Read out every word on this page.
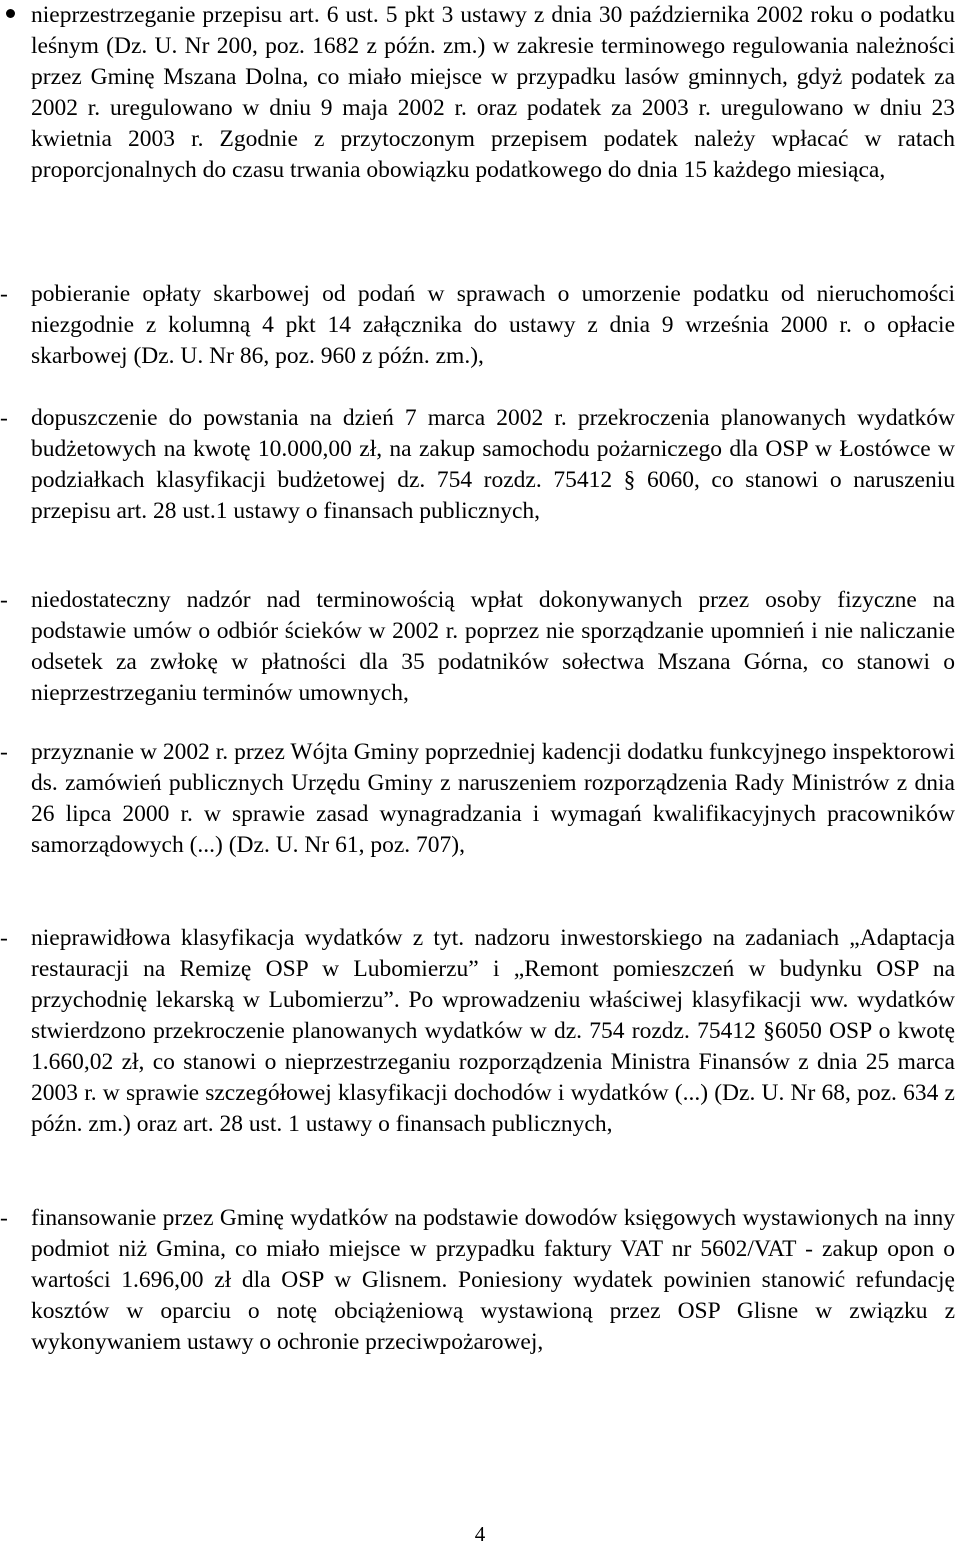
nieprzestrzeganie przepisu art. 6 ust. 5 pkt 3 ustawy z dnia 30 października 2002 roku o podatku leśnym (Dz. U. Nr 200, poz. 1682 z późn. zm.) w zakresie terminowego regulowania należności przez Gminę Mszana Dolna, co miało miejsce w przypadku lasów gminnych, gdyż podatek za 2002 r. uregulowano w dniu 9 maja 2002 r. oraz podatek za 2003 r. uregulowano w dniu 23 kwietnia 2003 r. Zgodnie z przytoczonym przepisem podatek należy wpłacać w ratach proporcjonalnych do czasu trwania obowiązku podatkowego do dnia 15 każdego miesiąca,

- pobieranie opłaty skarbowej od podań w sprawach o umorzenie podatku od nieruchomości niezgodnie z kolumną 4 pkt 14 załącznika do ustawy z dnia 9 września 2000 r. o opłacie skarbowej (Dz. U. Nr 86, poz. 960 z późn. zm.),

- dopuszczenie do powstania na dzień 7 marca 2002 r. przekroczenia planowanych wydatków budżetowych na kwotę 10.000,00 zł, na zakup samochodu pożarniczego dla OSP w Łostówce w podziałkach klasyfikacji budżetowej dz. 754 rozdz. 75412 § 6060, co stanowi o naruszeniu przepisu art. 28 ust.1 ustawy o finansach publicznych,

- niedostateczny nadzór nad terminowością wpłat dokonywanych przez osoby fizyczne na podstawie umów o odbiór ścieków w 2002 r. poprzez nie sporządzanie upomnień i nie naliczanie odsetek za zwłokę w płatności dla 35 podatników sołectwa Mszana Górna, co stanowi o nieprzestrzeganiu terminów umownych,

- przyznanie w 2002 r. przez Wójta Gminy poprzedniej kadencji dodatku funkcyjnego inspektorowi ds. zamówień publicznych Urzędu Gminy z naruszeniem rozporządzenia Rady Ministrów z dnia 26 lipca 2000 r. w sprawie zasad wynagradzania i wymagań kwalifikacyjnych pracowników samorządowych (...) (Dz. U. Nr 61, poz. 707),

- nieprawidłowa klasyfikacja wydatków z tyt. nadzoru inwestorskiego na zadaniach „Adaptacja restauracji na Remizę OSP w Lubomierzu” i „Remont pomieszczeń w budynku OSP na przychodnię lekarską w Lubomierzu”. Po wprowadzeniu właściwej klasyfikacji ww. wydatków stwierdzono przekroczenie planowanych wydatków w dz. 754 rozdz. 75412 §6050 OSP o kwotę 1.660,02 zł, co stanowi o nieprzestrzeganiu rozporządzenia Ministra Finansów z dnia 25 marca 2003 r. w sprawie szczegółowej klasyfikacji dochodów i wydatków (...) (Dz. U. Nr 68, poz. 634 z późn. zm.) oraz art. 28 ust. 1 ustawy o finansach publicznych,

- finansowanie przez Gminę wydatków na podstawie dowodów księgowych wystawionych na inny podmiot niż Gmina, co miało miejsce w przypadku faktury VAT nr 5602/VAT - zakup opon o wartości 1.696,00 zł dla OSP w Glisnem. Poniesiony wydatek powinien stanowić refundację kosztów w oparciu o notę obciążeniową wystawioną przez OSP Glisne w związku z wykonywaniem ustawy o ochronie przeciwpożarowej,

4
